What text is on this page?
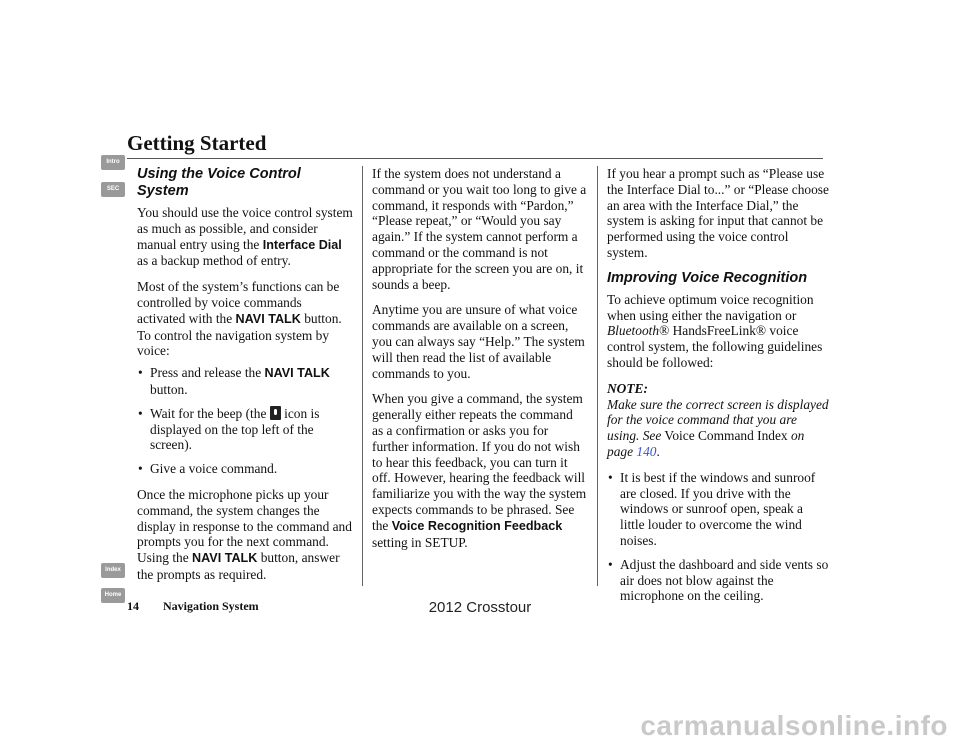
Getting Started
Intro
SEC
Index
Home
Using the Voice Control System

You should use the voice control system as much as possible, and consider manual entry using the Interface Dial as a backup method of entry.

Most of the system’s functions can be controlled by voice commands activated with the NAVI TALK button. To control the navigation system by voice:

• Press and release the NAVI TALK button.
• Wait for the beep (the  icon is displayed on the top left of the screen).
• Give a voice command.

Once the microphone picks up your command, the system changes the display in response to the command and prompts you for the next command. Using the NAVI TALK button, answer the prompts as required.

If the system does not understand a command or you wait too long to give a command, it responds with “Pardon,” “Please repeat,” or “Would you say again.” If the system cannot perform a command or the command is not appropriate for the screen you are on, it sounds a beep.

Anytime you are unsure of what voice commands are available on a screen, you can always say “Help.” The system will then read the list of available commands to you.

When you give a command, the system generally either repeats the command as a confirmation or asks you for further information. If you do not wish to hear this feedback, you can turn it off. However, hearing the feedback will familiarize you with the way the system expects commands to be phrased. See the Voice Recognition Feedback setting in SETUP.

If you hear a prompt such as “Please use the Interface Dial to...” or “Please choose an area with the Interface Dial,” the system is asking for input that cannot be performed using the voice control system.

Improving Voice Recognition

To achieve optimum voice recognition when using either the navigation or Bluetooth® HandsFreeLink® voice control system, the following guidelines should be followed:

NOTE:
Make sure the correct screen is displayed for the voice command that you are using. See Voice Command Index on page 140.

• It is best if the windows and sunroof are closed. If you drive with the windows or sunroof open, speak a little louder to overcome the wind noises.
• Adjust the dashboard and side vents so air does not blow against the microphone on the ceiling.
14 Navigation System	2012 Crosstour
carmanualsonline.info
